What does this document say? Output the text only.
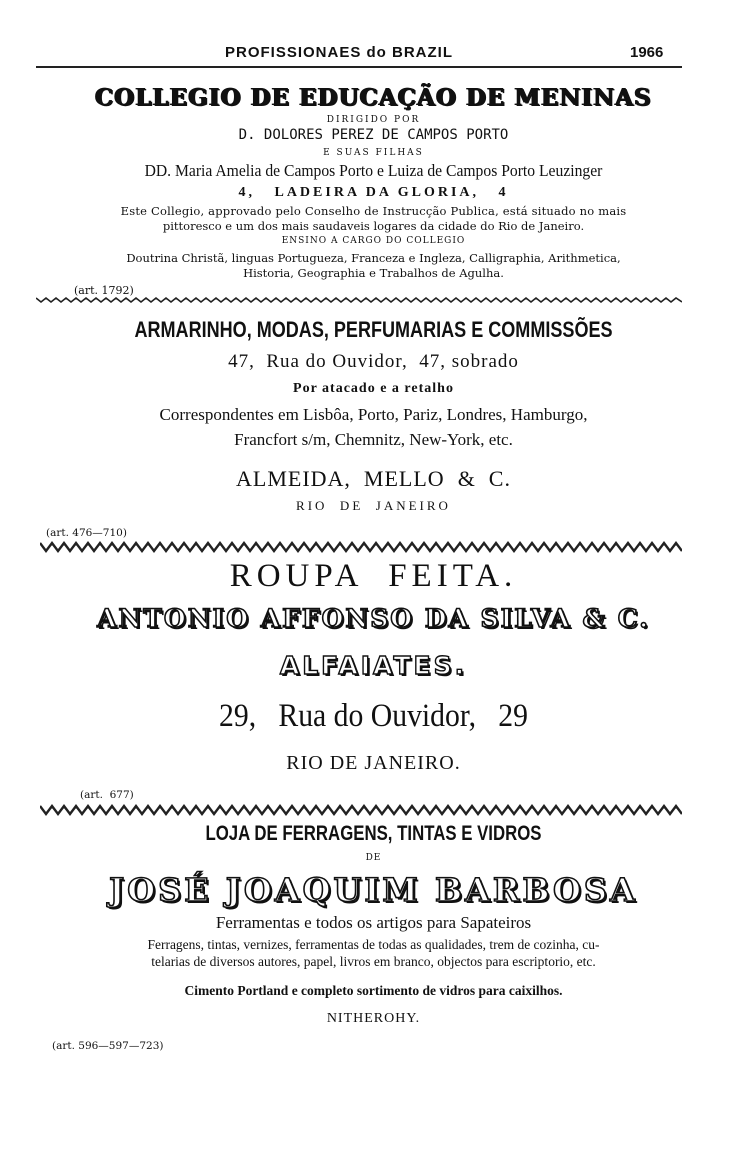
PROFISSIONAES do BRAZIL	1966
COLLEGIO DE EDUCAÇÃO DE MENINAS
DIRIGIDO POR
D. DOLORES PEREZ DE CAMPOS PORTO
E SUAS FILHAS
DD. Maria Amelia de Campos Porto e Luiza de Campos Porto Leuzinger
4,   LADEIRA DA GLORIA,   4
Este Collegio, approvado pelo Conselho de Instrucção Publica, está situado no mais
pittoresco e um dos mais saudaveis logares da cidade do Rio de Janeiro.
ENSINO A CARGO DO COLLEGIO
Doutrina Christã, linguas Portugueza, Franceza e Ingleza, Calligraphia, Arithmetica,
Historia, Geographia e Trabalhos de Agulha.
(art. 1792)
ARMARINHO, MODAS, PERFUMARIAS E COMMISSÕES
47,  Rua do Ouvidor,  47, sobrado
Por atacado e a retalho
Correspondentes em Lisbôa, Porto, Pariz, Londres, Hamburgo,
Francfort s/m, Chemnitz, New-York, etc.
ALMEIDA,  MELLO  &  C.
RIO  DE  JANEIRO
(art. 476—710)
ROUPA  FEITA.
ANTONIO AFFONSO DA SILVA & C.
ALFAIATES.
29,   Rua do Ouvidor,   29
RIO DE JANEIRO.
(art.  677)
LOJA DE FERRAGENS, TINTAS E VIDROS
DE
JOSÉ JOAQUIM BARBOSA
Ferramentas e todos os artigos para Sapateiros
Ferragens, tintas, vernizes, ferramentas de todas as qualidades, trem de cozinha, cu-
telarias de diversos autores, papel, livros em branco, objectos para escriptorio, etc.
Cimento Portland e completo sortimento de vidros para caixilhos.
NITHEROHY.
(art. 596—597—723)
